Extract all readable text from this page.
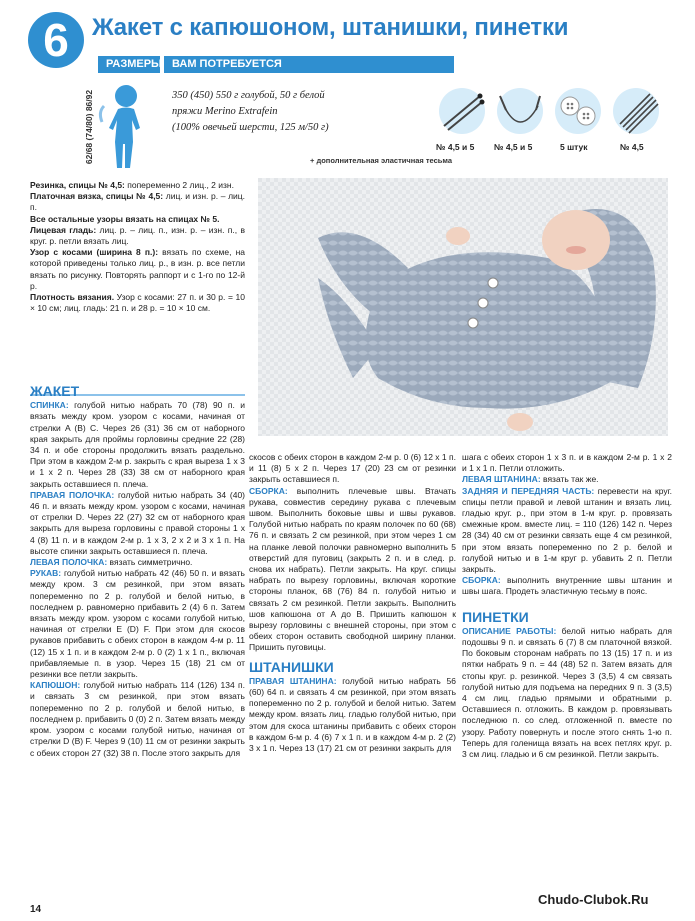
6 Жакет с капюшоном, штанишки, пинетки
РАЗМЕРЫ ВАМ ПОТРЕБУЕТСЯ
62/68 (74/80) 86/92	350 (450) 550 г голубой, 50 г белой
пряжи Merino Extrafein
(100% овечьей шерсти, 125 м/50 г)
№ 4,5 и 5 № 4,5 и 5	5 штук	№ 4,5
+ дополнительная эластичная тесьма

Резинка, спицы № 4,5: попеременно 2 лиц., 2 изн.

Платочная вязка, спицы № 4,5: лиц. и изн. р. – лиц. п.

Все остальные узоры вязать на спицах № 5.

Лицевая гладь: лиц. р. – лиц. п., изн. р. – изн. п., в круг. р. петли вязать лиц.

Узор с косами (ширина 8 п.): вязать по схеме, на которой приведены только лиц. р., в изн. р. все петли вязать по рисунку. Повторять раппорт и с 1-го по 12-й р.

Плотность вязания. Узор с косами: 27 п. и 30 р. = 10 × 10 см; лиц. гладь: 21 п. и 28 р. = 10 × 10 см.

ЖАКЕТ

СПИНКА: голубой нитью набрать 70 (78) 90 п. и вязать между кром. узором с косами, начиная от стрелки A (B) C. Через 26 (31) 36 см от наборного края закрыть для проймы горловины средние 22 (28) 34 п. и обе стороны продолжить вязать раздельно. При этом в каждом 2-м р. закрыть с края выреза 1 х 3 и 1 х 2 п. Через 28 (33) 38 см от наборного края закрыть оставшиеся п. плеча.

ПРАВАЯ ПОЛОЧКА: голубой нитью набрать 34 (40) 46 п. и вязать между кром. узором с косами, начиная от стрелки D. Через 22 (27) 32 см от наборного края закрыть для выреза горловины с правой стороны 1 х 4 (8) 11 п. и в каждом 2-м р. 1 х 3, 2 х 2 и 3 х 1 п. На высоте спинки закрыть оставшиеся п. плеча.

ЛЕВАЯ ПОЛОЧКА: вязать симметрично.

РУКАВ: голубой нитью набрать 42 (46) 50 п. и вязать между кром. 3 см резинкой, при этом вязать попеременно по 2 р. голубой и белой нитью, в последнем р. равномерно прибавить 2 (4) 6 п. Затем вязать между кром. узором с косами голубой нитью, начиная от стрелки E (D) F. При этом для скосов рукавов прибавить с обеих сторон в каждом 4-м р. 11 (12) 15 х 1 п. и в каждом 2-м р. 0 (2) 1 х 1 п., включая прибавляемые п. в узор. Через 15 (18) 21 см от резинки все петли закрыть.

КАПЮШОН: голубой нитью набрать 114 (126) 134 п. и связать 3 см резинкой, при этом вязать попеременно по 2 р. голубой и белой нитью, в последнем р. прибавить 0 (0) 2 п. Затем вязать между кром. узором с косами голубой нитью, начиная от стрелки D (B) F. Через 9 (10) 11 см от резинки закрыть с обеих сторон 27 (32) 38 п. После этого закрыть для

скосов с обеих сторон в каждом 2-м р. 0 (6) 12 х 1 п. и 11 (8) 5 х 2 п. Через 17 (20) 23 см от резинки закрыть оставшиеся п.

СБОРКА: выполнить плечевые швы. Втачать рукава, совместив середину рукава с плечевым швом. Выполнить боковые швы и швы рукавов. Голубой нитью набрать по краям полочек по 60 (68) 76 п. и связать 2 см резинкой, при этом через 1 см на планке левой полочки равномерно выполнить 5 отверстий для пуговиц (закрыть 2 п. и в след. р. снова их набрать). Петли закрыть. На круг. спицы набрать по вырезу горловины, включая короткие стороны планок, 68 (76) 84 п. голубой нитью и связать 2 см резинкой. Петли закрыть. Выполнить шов капюшона от A до B. Пришить капюшон к вырезу горловины с внешней стороны, при этом с обеих сторон оставить свободной ширину планки. Пришить пуговицы.

ШТАНИШКИ

ПРАВАЯ ШТАНИНА: голубой нитью набрать 56 (60) 64 п. и связать 4 см резинкой, при этом вязать попеременно по 2 р. голубой и белой нитью. Затем между кром. вязать лиц. гладью голубой нитью, при этом для скоса штанины прибавить с обеих сторон в каждом 6-м р. 4 (6) 7 х 1 п. и в каждом 4-м р. 2 (2) 3 х 1 п. Через 13 (17) 21 см от резинки закрыть для

шага с обеих сторон 1 х 3 п. и в каждом 2-м р. 1 х 2 и 1 х 1 п. Петли отложить.

ЛЕВАЯ ШТАНИНА: вязать так же.

ЗАДНЯЯ И ПЕРЕДНЯЯ ЧАСТЬ: перевести на круг. спицы петли правой и левой штанин и вязать лиц. гладью круг. р., при этом в 1-м круг. р. провязать смежные кром. вместе лиц. = 110 (126) 142 п. Через 28 (34) 40 см от резинки связать еще 4 см резинкой, при этом вязать попеременно по 2 р. белой и голубой нитью и в 1-м круг р. убавить 2 п. Петли закрыть.

СБОРКА: выполнить внутренние швы штанин и швы шага. Продеть эластичную тесьму в пояс.

ПИНЕТКИ

ОПИСАНИЕ РАБОТЫ: белой нитью набрать для подошвы 9 п. и связать 6 (7) 8 см платочной вязкой. По боковым сторонам набрать по 13 (15) 17 п. и из пятки набрать 9 п. = 44 (48) 52 п. Затем вязать для стопы круг. р. резинкой. Через 3 (3,5) 4 см связать голубой нитью для подъема на передних 9 п. 3 (3,5) 4 см лиц. гладью прямыми и обратными р. Оставшиеся п. отложить. В каждом р. провязывать последнюю п. со след. отложенной п. вместе по узору. Работу повернуть и после этого снять 1-ю п. Теперь для голенища вязать на всех петлях круг. р. 3 см лиц. гладью и 6 см резинкой. Петли закрыть.

14
Chudo-Clubok.Ru
